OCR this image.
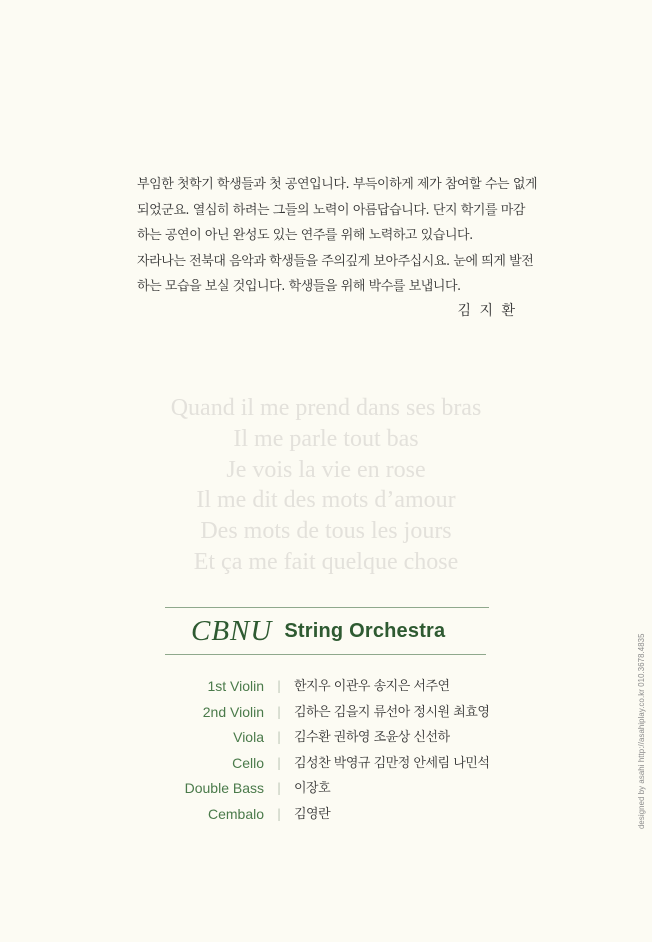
부임한 첫학기 학생들과 첫 공연입니다. 부득이하게 제가 참여할 수는 없게

되었군요. 열심히 하려는 그들의 노력이 아름답습니다. 단지 학기를 마감

하는 공연이 아닌 완성도 있는 연주를 위해 노력하고 있습니다.

자라나는 전북대 음악과 학생들을 주의깊게 보아주십시요. 눈에 띄게 발전

하는 모습을 보실 것입니다. 학생들을 위해 박수를 보냅니다.

김 지 환
Quand il me prend dans ses bras
Il me parle tout bas
Je vois la vie en rose
Il me dit des mots d’amour
Des mots de tous les jours
Et ça me fait quelque chose
CBNU String Orchestra
1st Violin	| 한지우 이관우 송지은 서주연
2nd Violin	| 김하은 김을지 류선아 정시원 최효영
Viola	| 김수환 권하영 조윤상 신선하
Cello	| 김성찬 박영규 김만정 안세림 나민석
Double Bass	| 이장호
Cembalo	| 김영란	designed by asahi http://asahiplay.co.kr 010.3678.4835
